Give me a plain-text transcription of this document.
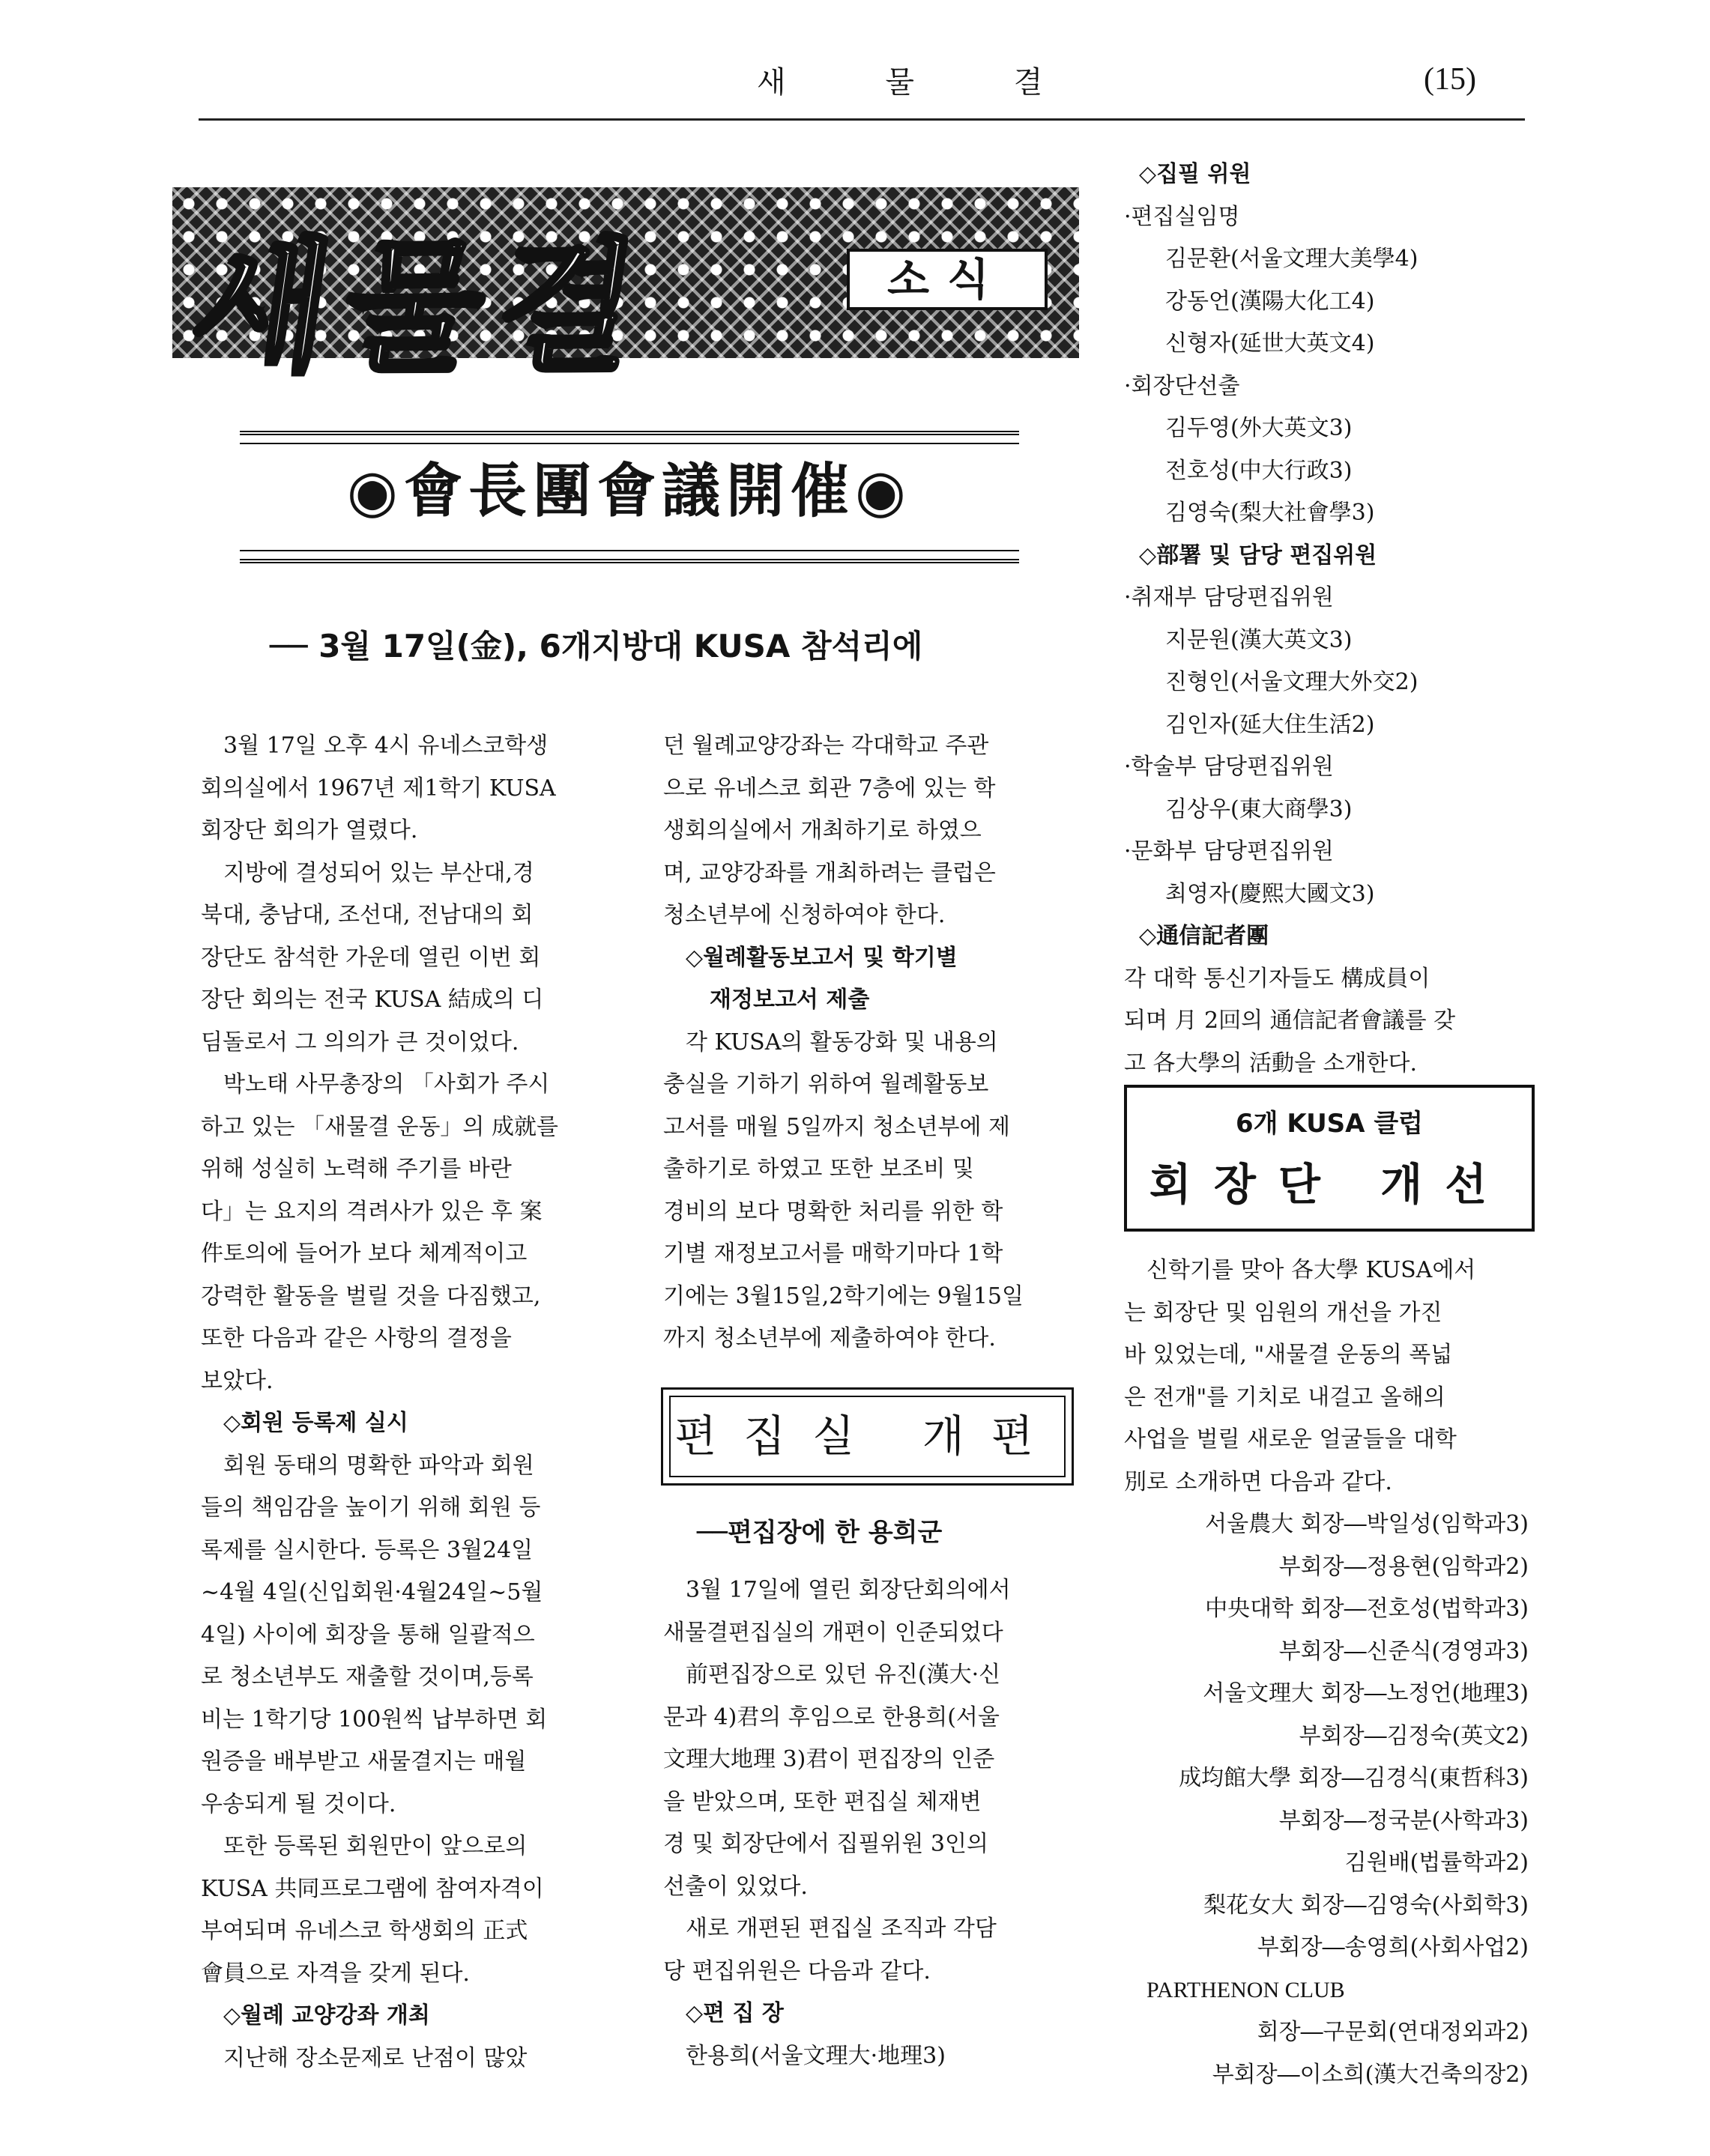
새 물 결	(15)
새물결	소식
◉會長團會議開催◉
── 3월 17일(金), 6개지방대 KUSA 참석리에

3월 17일 오후 4시 유네스코학생

회의실에서 1967년 제1학기 KUSA

회장단 회의가 열렸다.

지방에 결성되어 있는 부산대,경

북대, 충남대, 조선대, 전남대의 회

장단도 참석한 가운데 열린 이번 회

장단 회의는 전국 KUSA 結成의 디

딤돌로서 그 의의가 큰 것이었다.

박노태 사무총장의 「사회가 주시

하고 있는 「새물결 운동」의 成就를

위해 성실히 노력해 주기를 바란

다」는 요지의 격려사가 있은 후 案

件토의에 들어가 보다 체계적이고

강력한 활동을 벌릴 것을 다짐했고,

또한 다음과 같은 사항의 결정을

보았다.

◇회원 등록제 실시

회원 동태의 명확한 파악과 회원

들의 책임감을 높이기 위해 회원 등

록제를 실시한다. 등록은 3월24일

~4월 4일(신입회원·4월24일~5월

4일) 사이에 회장을 통해 일괄적으

로 청소년부도 재출할 것이며,등록

비는 1학기당 100원씩 납부하면 회

원증을 배부받고 새물결지는 매월

우송되게 될 것이다.

또한 등록된 회원만이 앞으로의

KUSA 共同프로그램에 참여자격이

부여되며 유네스코 학생회의 正式

會員으로 자격을 갖게 된다.

◇월례 교양강좌 개최

지난해 장소문제로 난점이 많았

던 월례교양강좌는 각대학교 주관

으로 유네스코 회관 7층에 있는 학

생회의실에서 개최하기로 하였으

며, 교양강좌를 개최하려는 클럽은

청소년부에 신청하여야 한다.

◇월례활동보고서 및 학기별

재정보고서 제출

각 KUSA의 활동강화 및 내용의

충실을 기하기 위하여 월례활동보

고서를 매월 5일까지 청소년부에 제

출하기로 하였고 또한 보조비 및

경비의 보다 명확한 처리를 위한 학

기별 재정보고서를 매학기마다 1학

기에는 3월15일,2학기에는 9월15일

까지 청소년부에 제출하여야 한다.

편집실 개편
──편집장에 한 용희군

3월 17일에 열린 회장단회의에서

새물결편집실의 개편이 인준되었다

前편집장으로 있던 유진(漢大·신

문과 4)君의 후임으로 한용희(서울

文理大地理 3)君이 편집장의 인준

을 받았으며, 또한 편집실 체재변

경 및 회장단에서 집필위원 3인의

선출이 있었다.

새로 개편된 편집실 조직과 각담

당 편집위원은 다음과 같다.

◇편 집 장

한용희(서울文理大·地理3)

◇집필 위원

·편집실임명

김문환(서울文理大美學4)

강동언(漢陽大化工4)

신형자(延世大英文4)

·회장단선출

김두영(外大英文3)

전호성(中大行政3)

김영숙(梨大社會學3)

◇部署 및 담당 편집위원

·취재부 담당편집위원

지문원(漢大英文3)

진형인(서울文理大外交2)

김인자(延大住生活2)

·학술부 담당편집위원

김상우(東大商學3)

·문화부 담당편집위원

최영자(慶熙大國文3)

◇通信記者團

각 대학 통신기자들도 構成員이

되며 月 2回의 通信記者會議를 갖

고 各大學의 活動을 소개한다.

6개 KUSA 클럽
회장단 개선

신학기를 맞아 各大學 KUSA에서

는 회장단 및 임원의 개선을 가진

바 있었는데, "새물결 운동의 폭넓

은 전개"를 기치로 내걸고 올해의

사업을 벌릴 새로운 얼굴들을 대학

別로 소개하면 다음과 같다.

서울農大 회장―박일성(임학과3)

부회장―정용현(임학과2)

中央대학 회장―전호성(법학과3)

부회장―신준식(경영과3)

서울文理大 회장―노정언(地理3)

부회장―김정숙(英文2)

成均館大學 회장―김경식(東哲科3)

부회장―정국분(사학과3)

김원배(법률학과2)

梨花女大 회장―김영숙(사회학3)

부회장―송영희(사회사업2)

PARTHENON CLUB

회장―구문회(연대정외과2)

부회장―이소희(漢大건축의장2)
